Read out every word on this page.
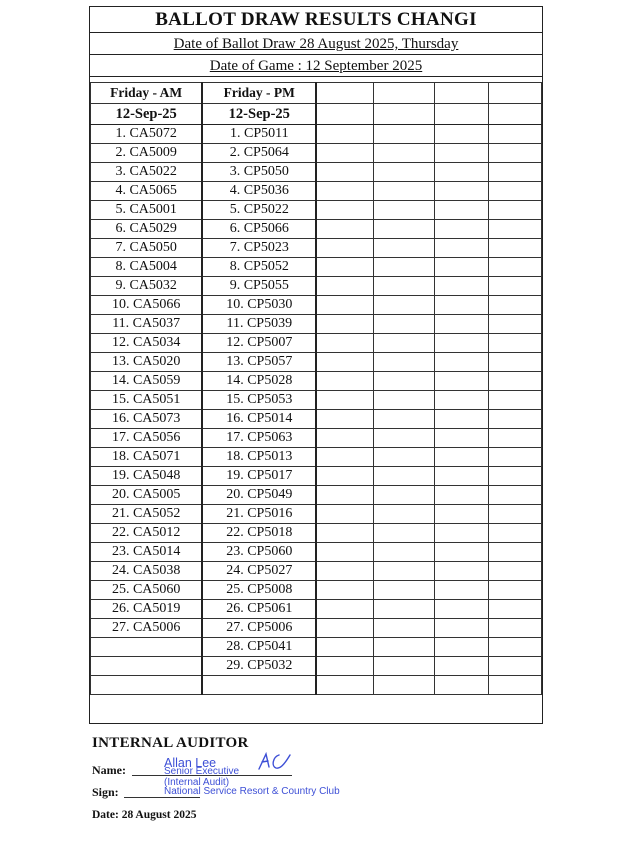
BALLOT DRAW RESULTS CHANGI
Date of Ballot Draw 28 August 2025, Thursday
Date of Game : 12 September 2025
Friday - AM	Friday - PM				
12-Sep-25	12-Sep-25				
1. CA5072	1. CP5011				
2. CA5009	2. CP5064				
3. CA5022	3. CP5050				
4. CA5065	4. CP5036				
5. CA5001	5. CP5022				
6. CA5029	6. CP5066				
7. CA5050	7. CP5023				
8. CA5004	8. CP5052				
9. CA5032	9. CP5055				
10. CA5066	10. CP5030				
11. CA5037	11. CP5039				
12. CA5034	12. CP5007				
13. CA5020	13. CP5057				
14. CA5059	14. CP5028				
15. CA5051	15. CP5053				
16. CA5073	16. CP5014				
17. CA5056	17. CP5063				
18. CA5071	18. CP5013				
19. CA5048	19. CP5017				
20. CA5005	20. CP5049				
21. CA5052	21. CP5016				
22. CA5012	22. CP5018				
23. CA5014	23. CP5060				
24. CA5038	24. CP5027				
25. CA5060	25. CP5008				
26. CA5019	26. CP5061				
27. CA5006	27. CP5006				
	28. CP5041				
	29. CP5032				

INTERNAL AUDITOR
Name:
Sign:
Date: 28 August 2025
Allan Lee
Senior Executive
(Internal Audit)
National Service Resort & Country Club
